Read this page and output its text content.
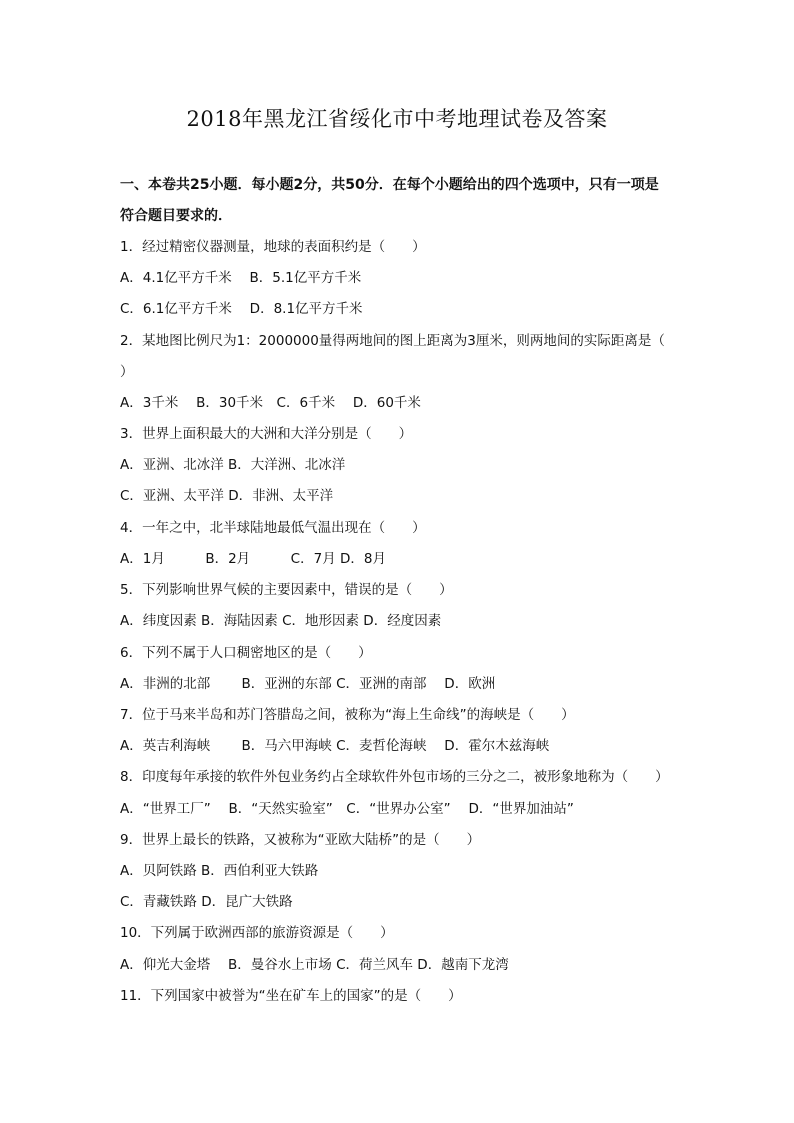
2018年黑龙江省绥化市中考地理试卷及答案
一、本卷共25小题．每小题2分，共50分．在每个小题给出的四个选项中，只有一项是
符合题目要求的．
1．经过精密仪器测量，地球的表面积约是（　　）
A．4.1亿平方千米　 B．5.1亿平方千米
C．6.1亿平方千米　 D．8.1亿平方千米
2．某地图比例尺为1：2000000量得两地间的图上距离为3厘米，则两地间的实际距离是（
）
A．3千米　 B．30千米　C．6千米　 D．60千米
3．世界上面积最大的大洲和大洋分别是（　　）
A．亚洲、北冰洋 B．大洋洲、北冰洋
C．亚洲、太平洋 D．非洲、太平洋
4．一年之中，北半球陆地最低气温出现在（　　）
A．1月　　　B．2月　　　C．7月 D．8月
5．下列影响世界气候的主要因素中，错误的是（　　）
A．纬度因素 B．海陆因素 C．地形因素 D．经度因素
6．下列不属于人口稠密地区的是（　　）
A．非洲的北部　　 B．亚洲的东部 C．亚洲的南部　 D．欧洲
7．位于马来半岛和苏门答腊岛之间，被称为“海上生命线”的海峡是（　　）
A．英吉利海峡　　 B．马六甲海峡 C．麦哲伦海峡　 D．霍尔木兹海峡
8．印度每年承接的软件外包业务约占全球软件外包市场的三分之二，被形象地称为（　　）
A．“世界工厂”　 B．“天然实验室”　C．“世界办公室”　 D．“世界加油站”
9．世界上最长的铁路，又被称为“亚欧大陆桥”的是（　　）
A．贝阿铁路 B．西伯利亚大铁路
C．青藏铁路 D．昆广大铁路
10．下列属于欧洲西部的旅游资源是（　　）
A．仰光大金塔　 B．曼谷水上市场 C．荷兰风车 D．越南下龙湾
11．下列国家中被誉为“坐在矿车上的国家”的是（　　）
